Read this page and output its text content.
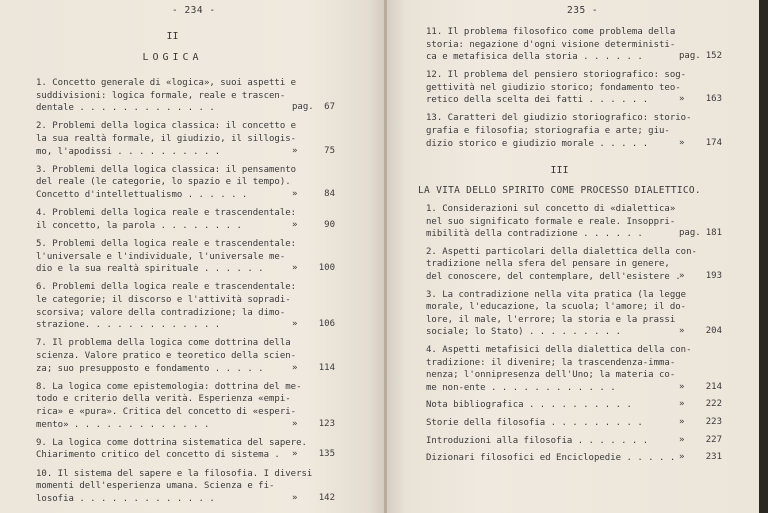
- 234 -
II
LOGICA
1. Concetto generale di «logica», suoi aspetti e
suddivisioni: logica formale, reale e trascen-
dentale . . . . . . . . . . . . .	pag.	67
2. Problemi della logica classica: il concetto e
la sua realtà formale, il giudizio, il sillogis-
mo, l'apodissi . . . . . . . . . .	»	75
3. Problemi della logica classica: il pensamento
del reale (le categorie, lo spazio e il tempo).
Concetto d'intellettualismo . . . . . .	»	84
4. Problemi della logica reale e trascendentale:
il concetto, la parola . . . . . . . .	»	90
5. Problemi della logica reale e trascendentale:
l'universale e l'individuale, l'universale me-
dio e la sua realtà spirituale . . . . . .	»	100
6. Problemi della logica reale e trascendentale:
le categorie; il discorso e l'attività sopradi-
scorsiva; valore della contradizione; la dimo-
strazione. . . . . . . . . . . . .	»	106
7. Il problema della logica come dottrina della
scienza. Valore pratico e teoretico della scien-
za; suo presupposto e fondamento . . . . .	»	114
8. La logica come epistemologia: dottrina del me-
todo e criterio della verità. Esperienza «empi-
rica» e «pura». Critica del concetto di «esperi-
mento» . . . . . . . . . . . . .	»	123
9. La logica come dottrina sistematica del sapere.
Chiarimento critico del concetto di sistema . »	135
10. Il sistema del sapere e la filosofia. I diversi
momenti dell'esperienza umana. Scienza e fi-
losofia . . . . . . . . . . . . .	»	142
235 -
11. Il problema filosofico come problema della
storia: negazione d'ogni visione deterministi-
ca e metafisica della storia . . . . . .	pag. 152
12. Il problema del pensiero storiografico: sog-
gettività nel giudizio storico; fondamento teo-
retico della scelta dei fatti . . . . . .	»	163
13. Caratteri del giudizio storiografico: storio-
grafia e filosofia; storiografia e arte; giu-
dizio storico e giudizio morale . . . . .	»	174
III
LA VITA DELLO SPIRITO COME PROCESSO DIALETTICO.
1. Considerazioni sul concetto di «dialettica»
nel suo significato formale e reale. Insoppri-
mibilità della contradizione . . . . . .	pag. 181
2. Aspetti particolari della dialettica della con-
tradizione nella sfera del pensare in genere,
del conoscere, del contemplare, dell'esistere .
»	193
3. La contradizione nella vita pratica (la legge
morale, l'educazione, la scuola; l'amore; il do-
lore, il male, l'errore; la storia e la prassi
sociale; lo Stato) . . . . . . . . .	»	204
4. Aspetti metafisici della dialettica della con-
tradizione: il divenire; la trascendenza-imma-
nenza; l'onnipresenza dell'Uno; la materia co-
me non-ente . . . . . . . . . . . .	»	214
Nota bibliografica . . . . . . . . . .	»	222
Storie della filosofia . . . . . . . . .	»	223
Introduzioni alla filosofia . . . . . . .	»	227
Dizionari filosofici ed Enciclopedie . . . . . »	231
